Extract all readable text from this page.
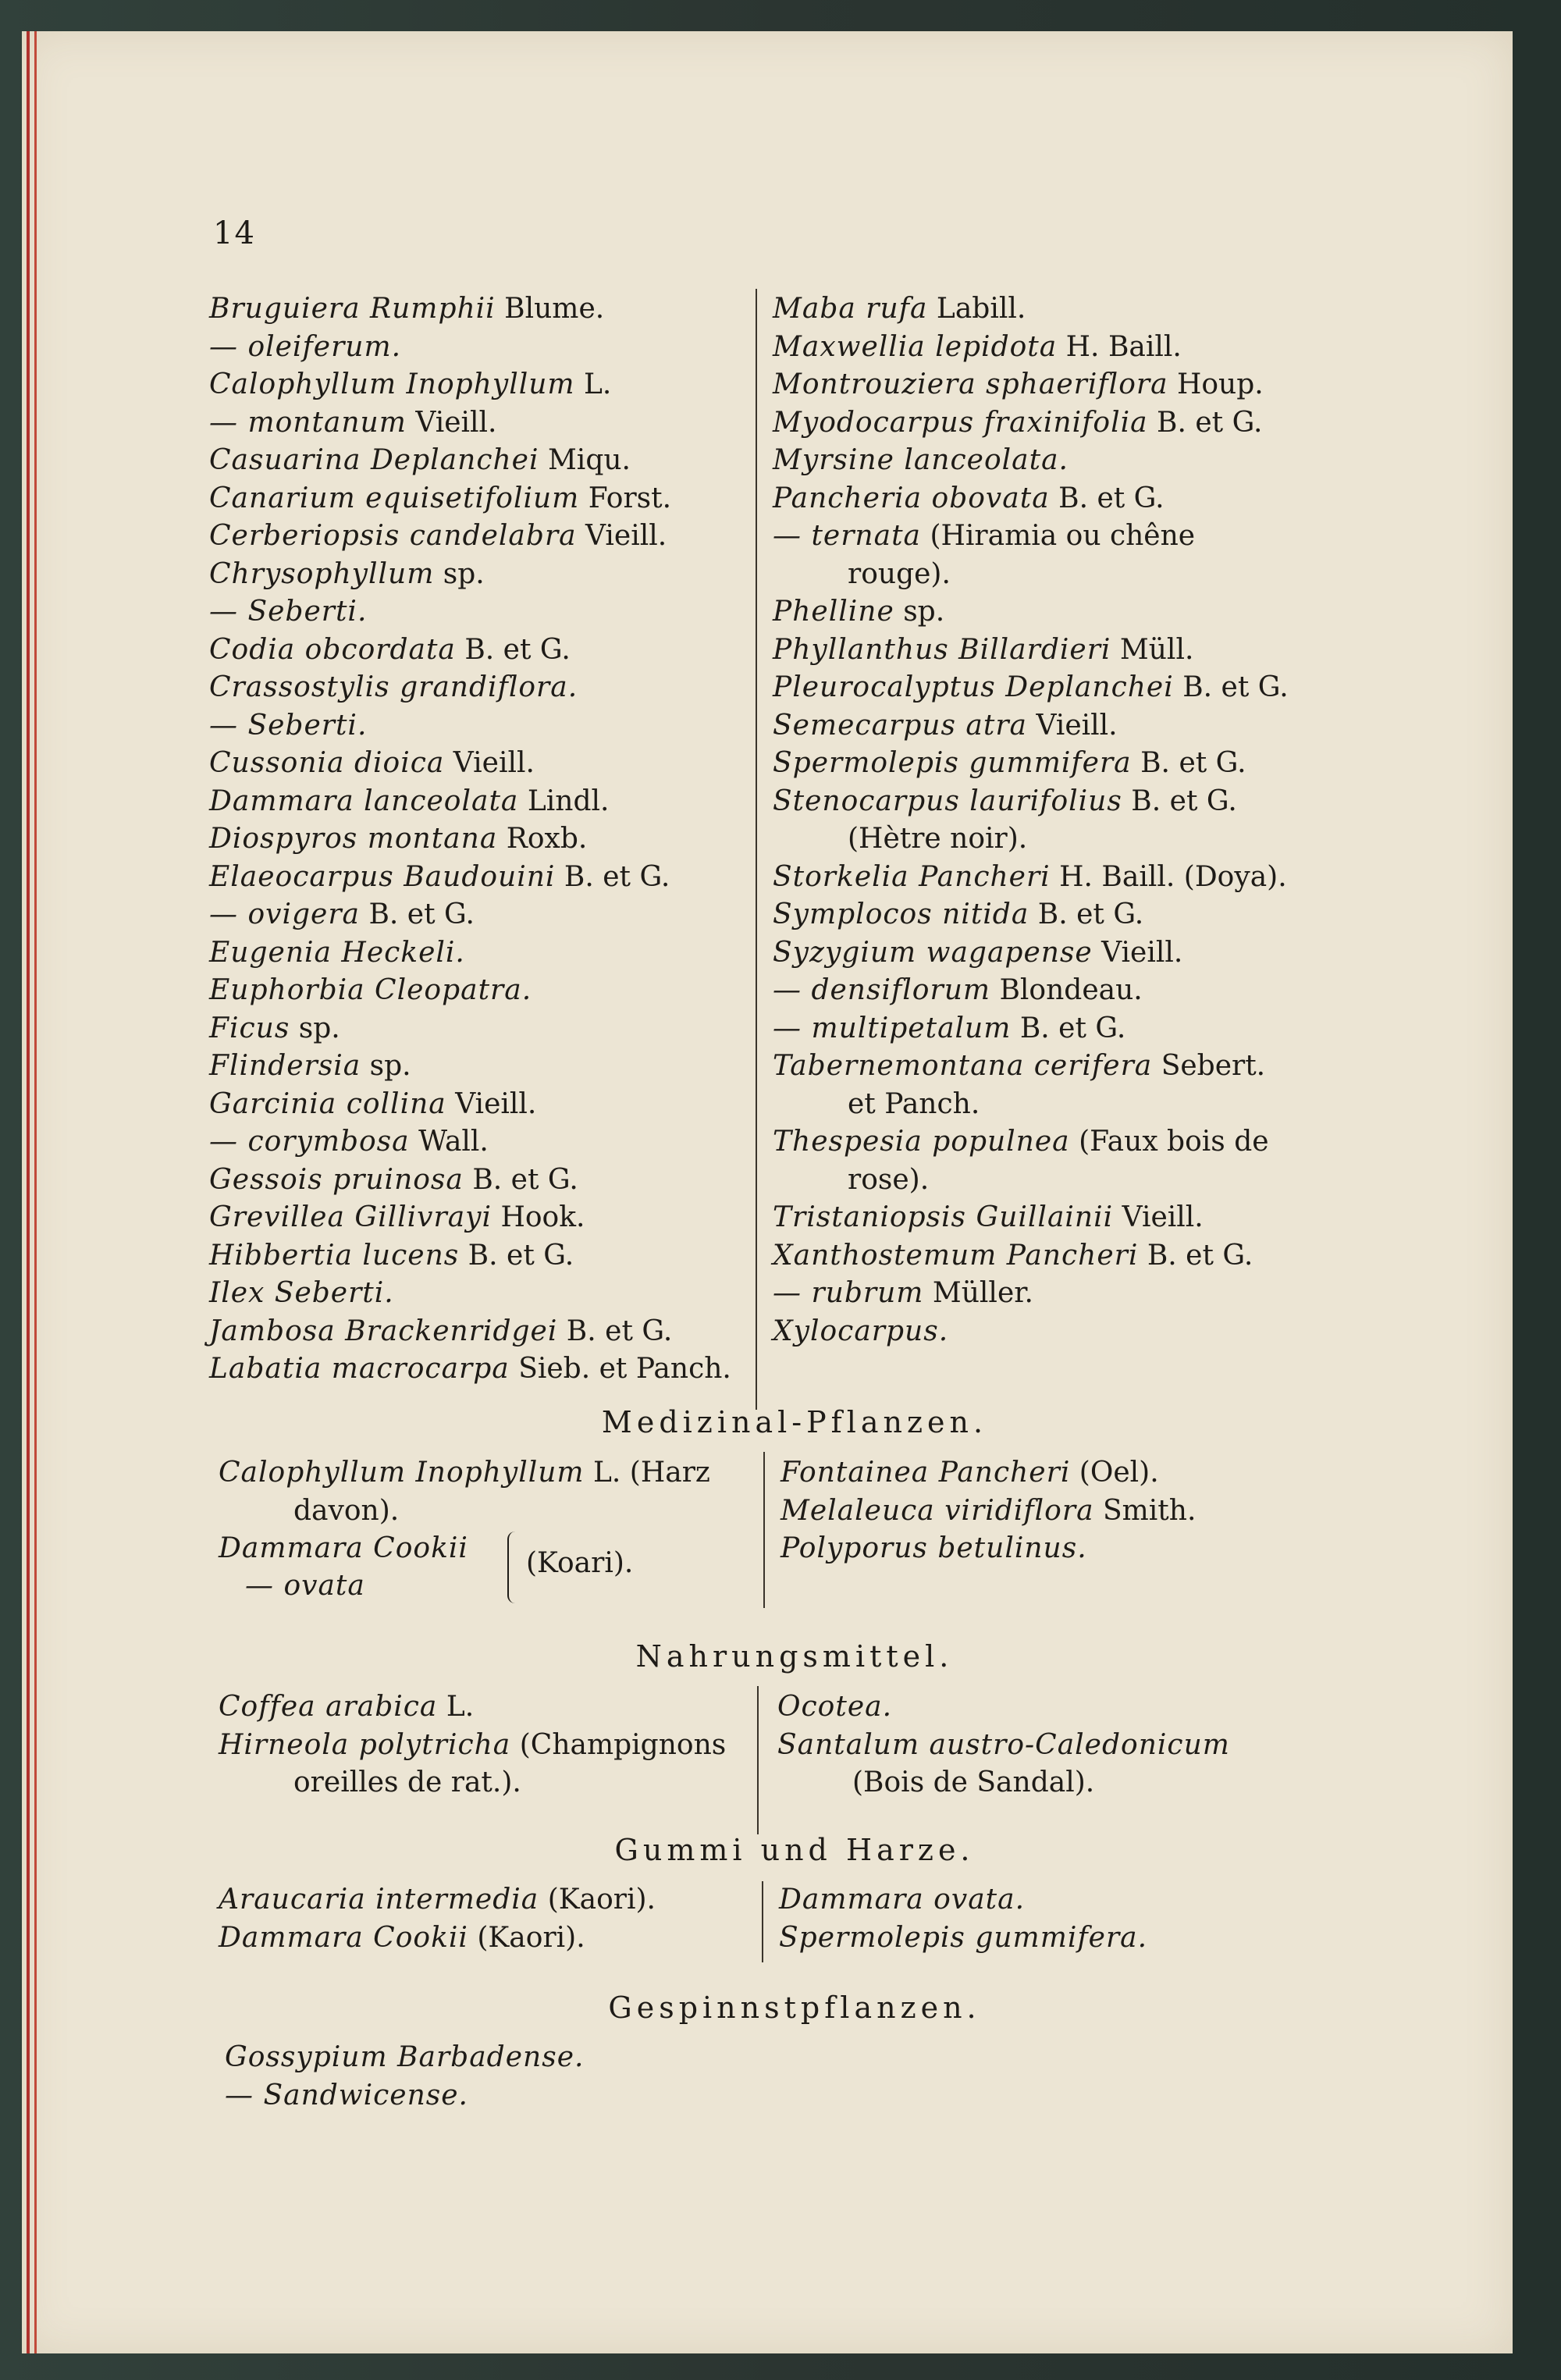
14
Bruguiera Rumphii Blume.
— oleiferum.
Calophyllum Inophyllum L.
— montanum Vieill.
Casuarina Deplanchei Miqu.
Canarium equisetifolium Forst.
Cerberiopsis candelabra Vieill.
Chrysophyllum sp.
— Seberti.
Codia obcordata B. et G.
Crassostylis grandiflora.
— Seberti.
Cussonia dioica Vieill.
Dammara lanceolata Lindl.
Diospyros montana Roxb.
Elaeocarpus Baudouini B. et G.
— ovigera B. et G.
Eugenia Heckeli.
Euphorbia Cleopatra.
Ficus sp.
Flindersia sp.
Garcinia collina Vieill.
— corymbosa Wall.
Gessois pruinosa B. et G.
Grevillea Gillivrayi Hook.
Hibbertia lucens B. et G.
Ilex Seberti.
Jambosa Brackenridgei B. et G.
Labatia macrocarpa Sieb. et Panch.
Maba rufa Labill.
Maxwellia lepidota H. Baill.
Montrouziera sphaeriflora Houp.
Myodocarpus fraxinifolia B. et G.
Myrsine lanceolata.
Pancheria obovata B. et G.
— ternata (Hiramia ou chêne
rouge).
Phelline sp.
Phyllanthus Billardieri Müll.
Pleurocalyptus Deplanchei B. et G.
Semecarpus atra Vieill.
Spermolepis gummifera B. et G.
Stenocarpus laurifolius B. et G.
(Hètre noir).
Storkelia Pancheri H. Baill. (Doya).
Symplocos nitida B. et G.
Syzygium wagapense Vieill.
— densiflorum Blondeau.
— multipetalum B. et G.
Tabernemontana cerifera Sebert.
et Panch.
Thespesia populnea (Faux bois de
rose).
Tristaniopsis Guillainii Vieill.
Xanthostemum Pancheri B. et G.
— rubrum Müller.
Xylocarpus.
Medizinal-Pflanzen.
Calophyllum Inophyllum L. (Harz
davon).
Dammara Cookii
— ovata
(Koari).
Fontainea Pancheri (Oel).
Melaleuca viridiflora Smith.
Polyporus betulinus.
Nahrungsmittel.
Coffea arabica L.
Hirneola polytricha (Champignons
oreilles de rat.).
Ocotea.
Santalum austro-Caledonicum
(Bois de Sandal).
Gummi und Harze.
Araucaria intermedia (Kaori).
Dammara Cookii (Kaori).
Dammara ovata.
Spermolepis gummifera.
Gespinnstpflanzen.
Gossypium Barbadense.
— Sandwicense.
